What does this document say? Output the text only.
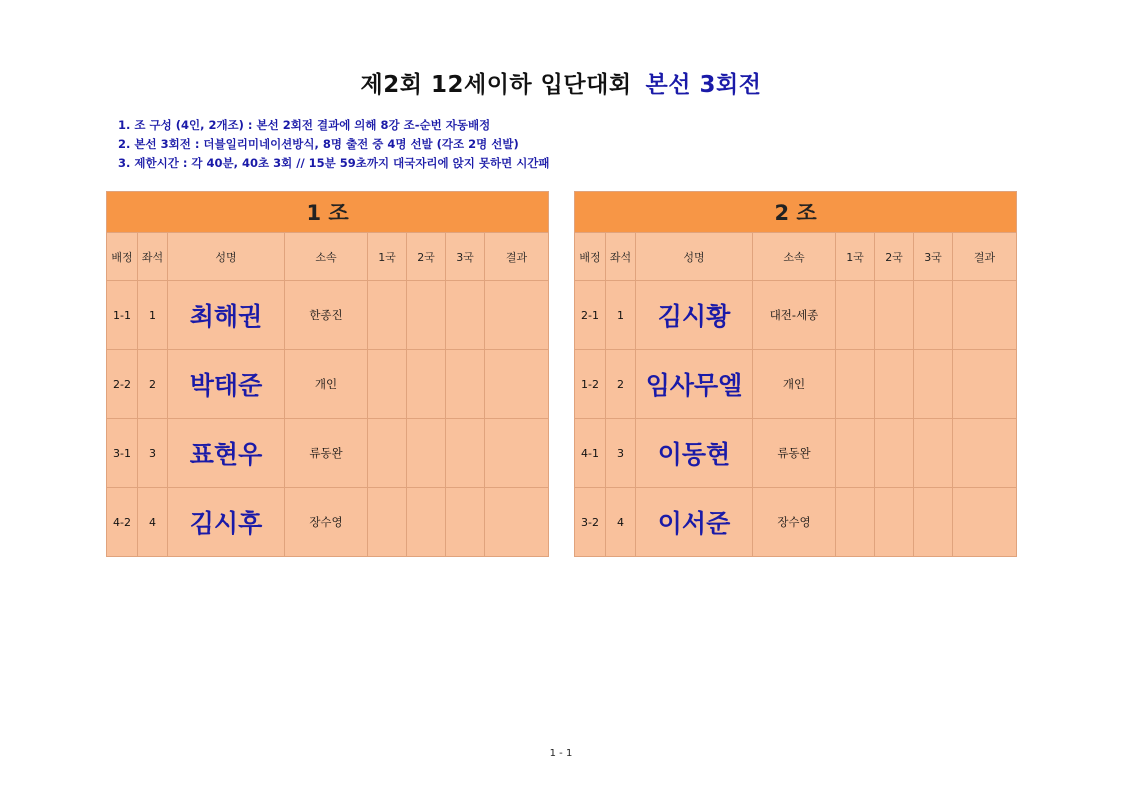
제2회 12세이하 입단대회 본선 3회전
1. 조 구성 (4인, 2개조) : 본선 2회전 결과에 의해 8강 조-순번 자동배정
2. 본선 3회전 : 더블일리미네이션방식, 8명 출전 중 4명 선발 (각조 2명 선발)
3. 제한시간 : 각 40분, 40초 3회 // 15분 59초까지 대국자리에 앉지 못하면 시간패
1 조							
배정	좌석	성명	소속	1국	2국	3국	결과
1-1	1	최해권	한종진				
2-2	2	박태준	개인				
3-1	3	표현우	류동완				
4-2	4	김시후	장수영				
2 조							
배정	좌석	성명	소속	1국	2국	3국	결과
2-1	1	김시황	대전-세종				
1-2	2	임사무엘	개인				
4-1	3	이동현	류동완				
3-2	4	이서준	장수영				
1 - 1
